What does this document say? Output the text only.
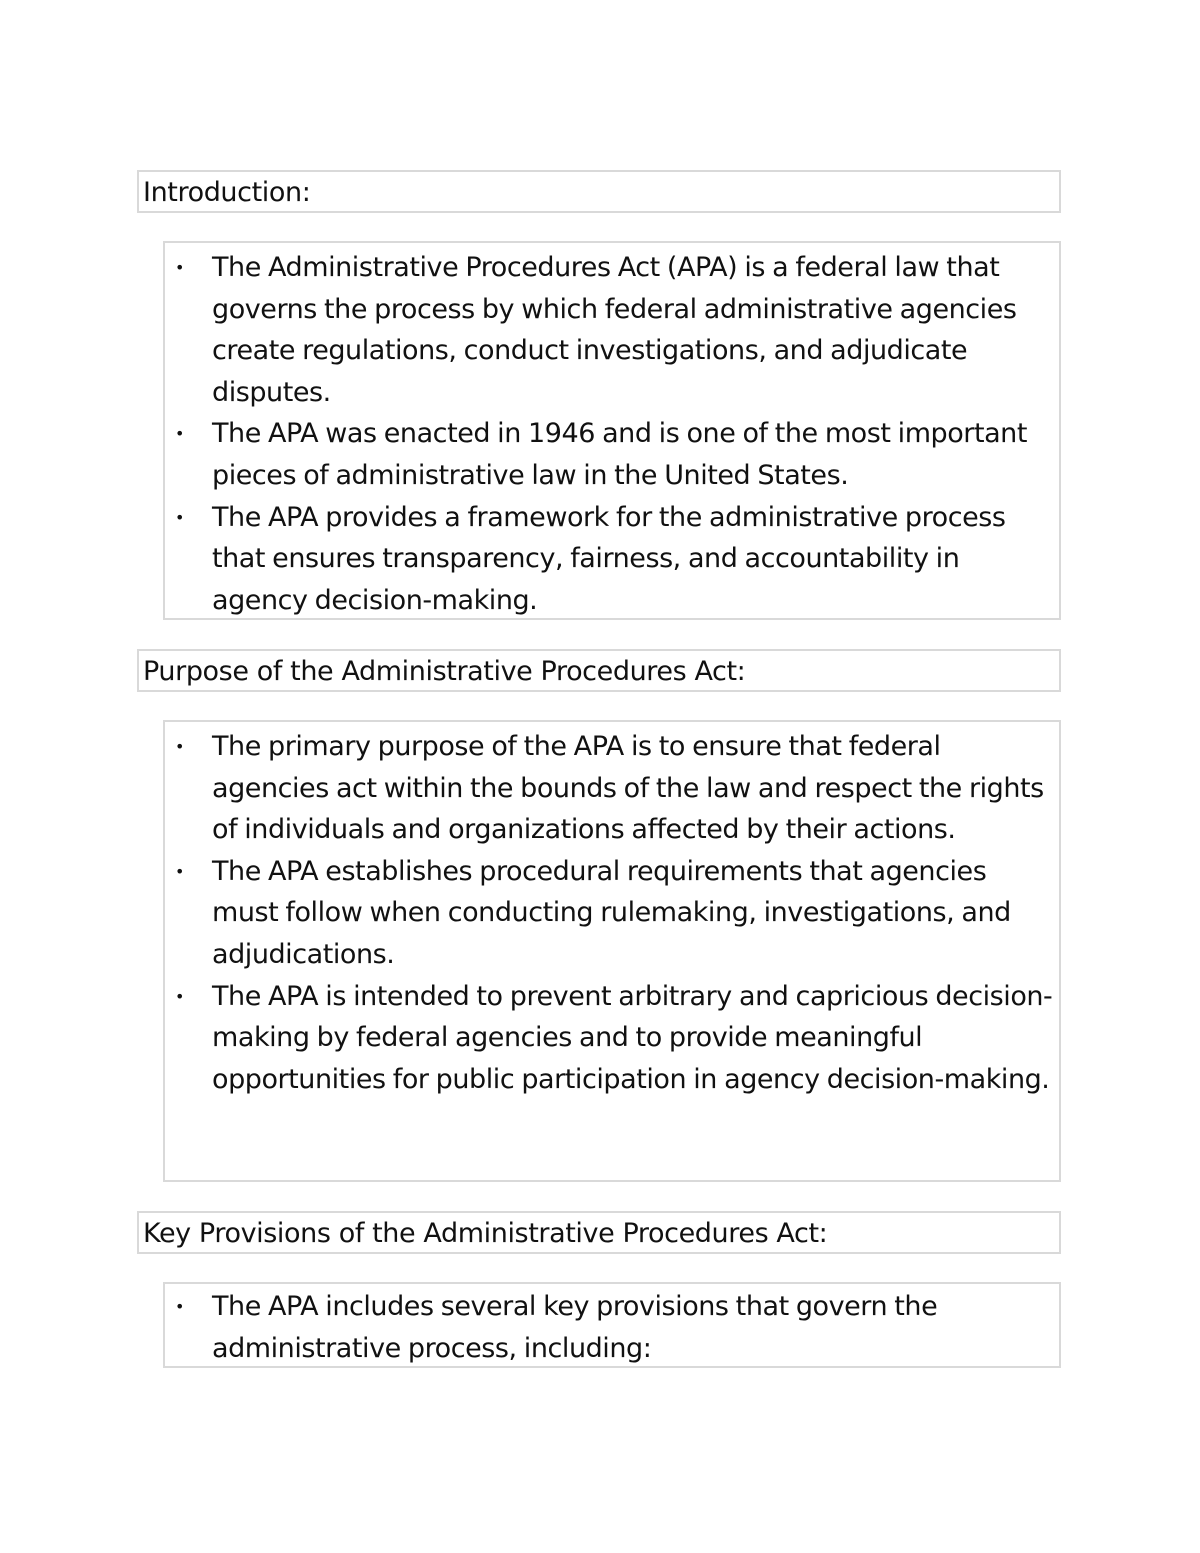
Introduction:
• The Administrative Procedures Act (APA) is a federal law that governs the process by which federal administrative agencies create regulations, conduct investigations, and adjudicate disputes.
• The APA was enacted in 1946 and is one of the most important pieces of administrative law in the United States.
• The APA provides a framework for the administrative process that ensures transparency, fairness, and accountability in agency decision-making.
Purpose of the Administrative Procedures Act:
• The primary purpose of the APA is to ensure that federal agencies act within the bounds of the law and respect the rights of individuals and organizations affected by their actions.
• The APA establishes procedural requirements that agencies must follow when conducting rulemaking, investigations, and adjudications.
• The APA is intended to prevent arbitrary and capricious decision-making by federal agencies and to provide meaningful opportunities for public participation in agency decision-making.
Key Provisions of the Administrative Procedures Act:
• The APA includes several key provisions that govern the administrative process, including:
